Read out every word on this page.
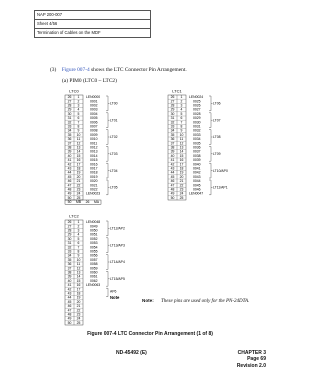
NAP 200-007
Sheet 4/56
Termination of Cables on the MDF
(3) Figure 007-4 shows the LTC Connector Pin Arrangement.
(a) PIM0 (LTC0 ~ LTC2)
LTC0
26 1
27 2
28 3
29 4
30 5
31 6
32 7
33 8
34 9
35 10
36 11
37 12
38 13
39 14
40 15
41 16
42 17
43 18
44 19
45 20
46 21
47 22
48 23
49 24
50 25
MB 26 MA
50
LEN0000
0001
0002
0003
LT00
0004
0005
0006
0007
LT01
0008
0009
0010
0011
LT02
0012
0013
0014
0015
LT03
0016
0017
0018
0019
LT04
0020
0021
0022
LEN0023
LT05
LTC1
26 1
27 2
28 3
29 4
30 5
31 6
32 7
33 8
34 9
35 10
36 11
37 12
38 13
39 14
40 15
41 16
42 17
43 18
44 19
45 20
46 21
47 22
48 23
49 24
50 25
LEN0024
0025
0026
0027
LT06
0028
0029
0030
0031
LT07
0032
0033
0034
0035
LT08
0036
0037
0038
0039
LT09
0040
0041
0042
0043
LT10/AP0
0044
0045
0046
LEN0047
LT11/AP1
LTC2
26 1
27 2
28 3
29 4
30 5
31 6
32 7
33 8
34 9
35 10
36 11
37 12
38 13
39 14
40 15
41 16
42 17
43 18
44 19
45 20
46 21
47 22
48 23
49 24
50 25
LEN0048
0049
0050
0051
LT12/AP2
0052
0053
0054
0055
LT13/AP3
0056
0057
0058
0059
LT14/AP4
0060
0061
0062
LEN0063
LT15/AP5
AP6
Note
Note: These pins are used only for the PN-24DTA.
Figure 007-4 LTC Connector Pin Arrangement (1 of 8)
ND-45492 (E)	CHAPTER 3
Page 69
Revision 2.0
